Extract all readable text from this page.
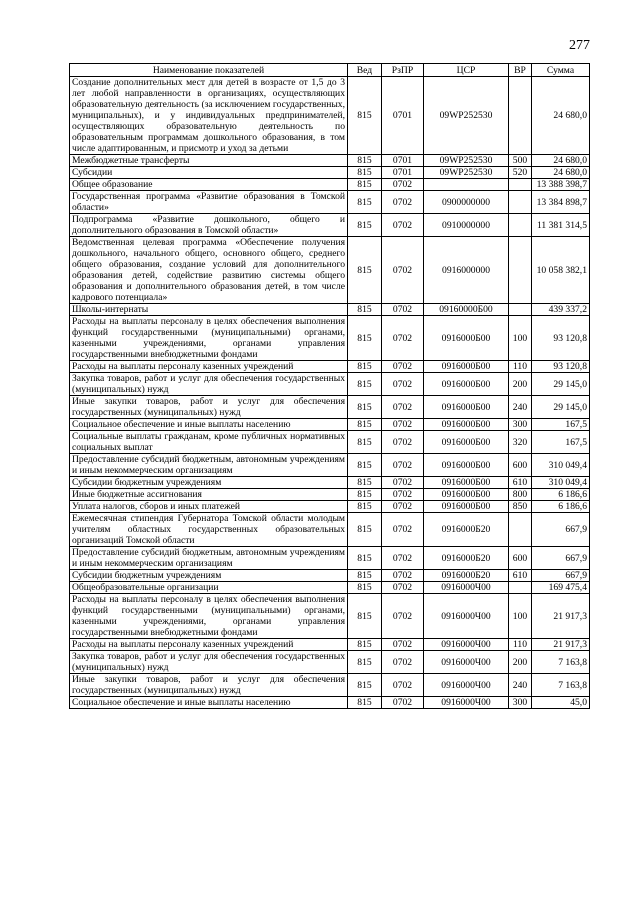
277
Наименование показателей	Вед	РзПР	ЦСР	ВР	Сумма
Создание дополнительных мест для детей в возрасте от 1,5 до 3 лет любой направленности в организациях, осуществляющих образовательную деятельность (за исключением государственных, муниципальных), и у индивидуальных предпринимателей, осуществляющих образовательную деятельность по образовательным программам дошкольного образования, в том числе адаптированным, и присмотр и уход за детьми	815	0701	09WP252530		24 680,0
Межбюджетные трансферты	815	0701	09WP252530	500	24 680,0
Субсидии	815	0701	09WP252530	520	24 680,0
Общее образование	815	0702			13 388 398,7
Государственная программа «Развитие образования в Томской области»	815	0702	0900000000		13 384 898,7
Подпрограмма «Развитие дошкольного, общего и дополнительного образования в Томской области»	815	0702	0910000000		11 381 314,5
Ведомственная целевая программа «Обеспечение получения дошкольного, начального общего, основного общего, среднего общего образования, создание условий для дополнительного образования детей, содействие развитию системы общего образования и дополнительного образования детей, в том числе кадрового потенциала»	815	0702	0916000000		10 058 382,1
Школы-интернаты	815	0702	09160000Б00		439 337,2
Расходы на выплаты персоналу в целях обеспечения выполнения функций государственными (муниципальными) органами, казенными учреждениями, органами управления государственными внебюджетными фондами	815	0702	0916000Б00	100	93 120,8
Расходы на выплаты персоналу казенных учреждений	815	0702	0916000Б00	110	93 120,8
Закупка товаров, работ и услуг для обеспечения государственных (муниципальных) нужд	815	0702	0916000Б00	200	29 145,0
Иные закупки товаров, работ и услуг для обеспечения государственных (муниципальных) нужд	815	0702	0916000Б00	240	29 145,0
Социальное обеспечение и иные выплаты населению	815	0702	0916000Б00	300	167,5
Социальные выплаты гражданам, кроме публичных нормативных социальных выплат	815	0702	0916000Б00	320	167,5
Предоставление субсидий бюджетным, автономным учреждениям и иным некоммерческим организациям	815	0702	0916000Б00	600	310 049,4
Субсидии бюджетным учреждениям	815	0702	0916000Б00	610	310 049,4
Иные бюджетные ассигнования	815	0702	0916000Б00	800	6 186,6
Уплата налогов, сборов и иных платежей	815	0702	0916000Б00	850	6 186,6
Ежемесячная стипендия Губернатора Томской области молодым учителям областных государственных образовательных организаций Томской области	815	0702	0916000Б20		667,9
Предоставление субсидий бюджетным, автономным учреждениям и иным некоммерческим организациям	815	0702	0916000Б20	600	667,9
Субсидии бюджетным учреждениям	815	0702	0916000Б20	610	667,9
Общеобразовательные организации	815	0702	0916000Ч00		169 475,4
Расходы на выплаты персоналу в целях обеспечения выполнения функций государственными (муниципальными) органами, казенными учреждениями, органами управления государственными внебюджетными фондами	815	0702	0916000Ч00	100	21 917,3
Расходы на выплаты персоналу казенных учреждений	815	0702	0916000Ч00	110	21 917,3
Закупка товаров, работ и услуг для обеспечения государственных (муниципальных) нужд	815	0702	0916000Ч00	200	7 163,8
Иные закупки товаров, работ и услуг для обеспечения государственных (муниципальных) нужд	815	0702	0916000Ч00	240	7 163,8
Социальное обеспечение и иные выплаты населению	815	0702	0916000Ч00	300	45,0
